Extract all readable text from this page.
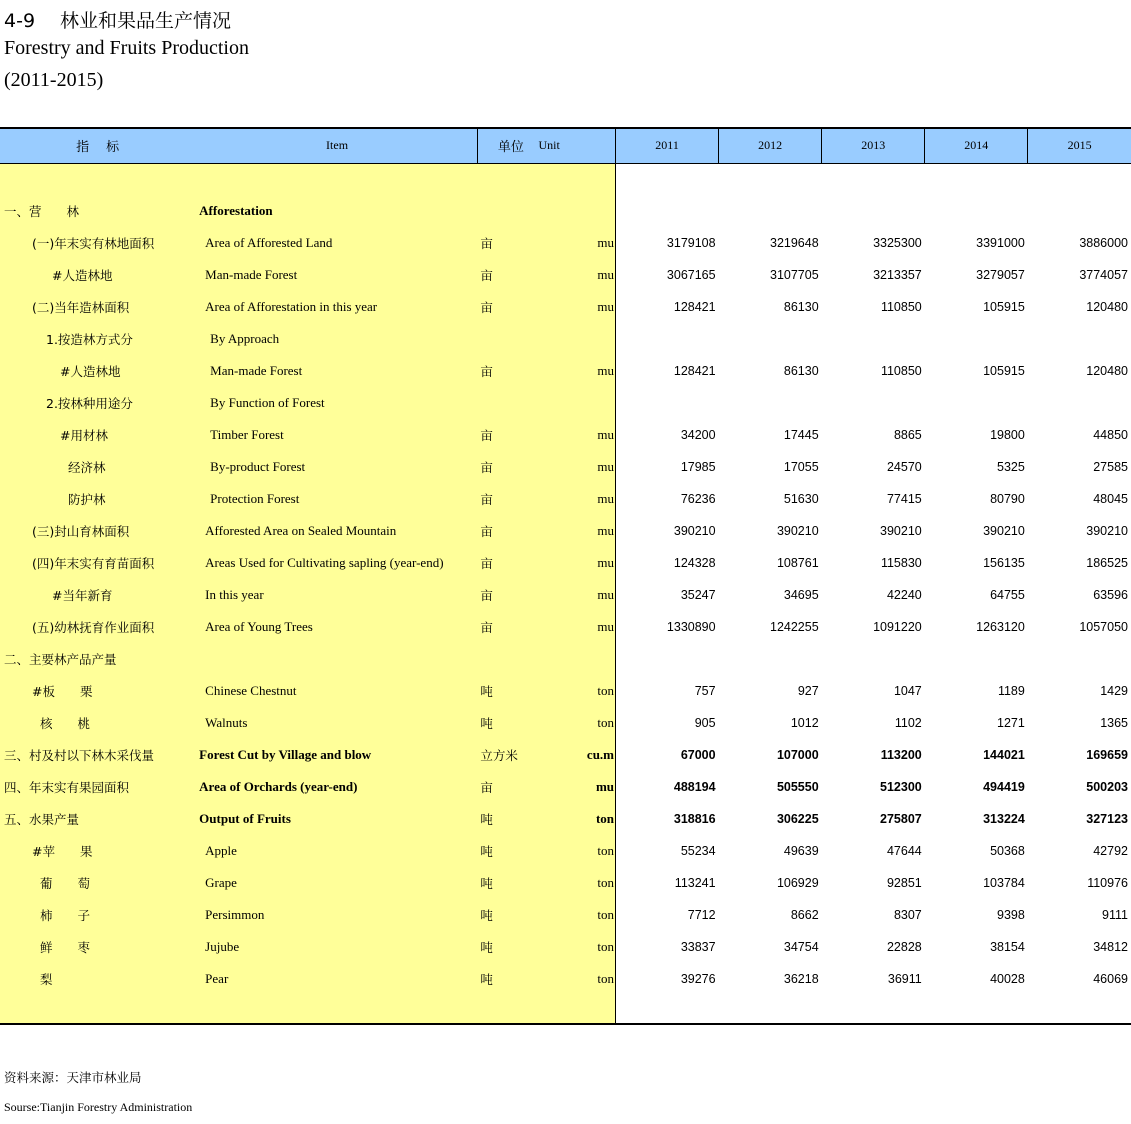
4-9 林业和果品生产情况
Forestry and Fruits Production
(2011-2015)
指　标	Item	单位	Unit	2011	2012	2013	2014	2015

一、营　　林	Afforestation							
(一)年末实有林地面积	Area of Afforested Land	亩	mu	3179108	3219648	3325300	3391000	3886000
#人造林地	Man-made Forest	亩	mu	3067165	3107705	3213357	3279057	3774057
(二)当年造林面积	Area of Afforestation in this year	亩	mu	128421	86130	110850	105915	120480
1.按造林方式分	By Approach							
#人造林地	Man-made Forest	亩	mu	128421	86130	110850	105915	120480
2.按林种用途分	By Function of Forest							
#用材林	Timber Forest	亩	mu	34200	17445	8865	19800	44850
经济林	By-product Forest	亩	mu	17985	17055	24570	5325	27585
防护林	Protection Forest	亩	mu	76236	51630	77415	80790	48045
(三)封山育林面积	Afforested Area on Sealed Mountain	亩	mu	390210	390210	390210	390210	390210
(四)年末实有育苗面积	Areas Used for Cultivating sapling (year-end)	亩	mu	124328	108761	115830	156135	186525
#当年新育	In this year	亩	mu	35247	34695	42240	64755	63596
(五)幼林抚育作业面积	Area of Young Trees	亩	mu	1330890	1242255	1091220	1263120	1057050
二、主要林产品产量								
#板　　栗	Chinese Chestnut	吨	ton	757	927	1047	1189	1429
核　　桃	Walnuts	吨	ton	905	1012	1102	1271	1365
三、村及村以下林木采伐量	Forest Cut by Village and blow	立方米	cu.m	67000	107000	113200	144021	169659
四、年末实有果园面积	Area of Orchards (year-end)	亩	mu	488194	505550	512300	494419	500203
五、水果产量	Output of Fruits	吨	ton	318816	306225	275807	313224	327123
#苹　　果	Apple	吨	ton	55234	49639	47644	50368	42792
葡　　萄	Grape	吨	ton	113241	106929	92851	103784	110976
柿　　子	Persimmon	吨	ton	7712	8662	8307	9398	9111
鲜　　枣	Jujube	吨	ton	33837	34754	22828	38154	34812
梨	Pear	吨	ton	39276	36218	36911	40028	46069

资料来源：天津市林业局
Sourse:Tianjin Forestry Administration
